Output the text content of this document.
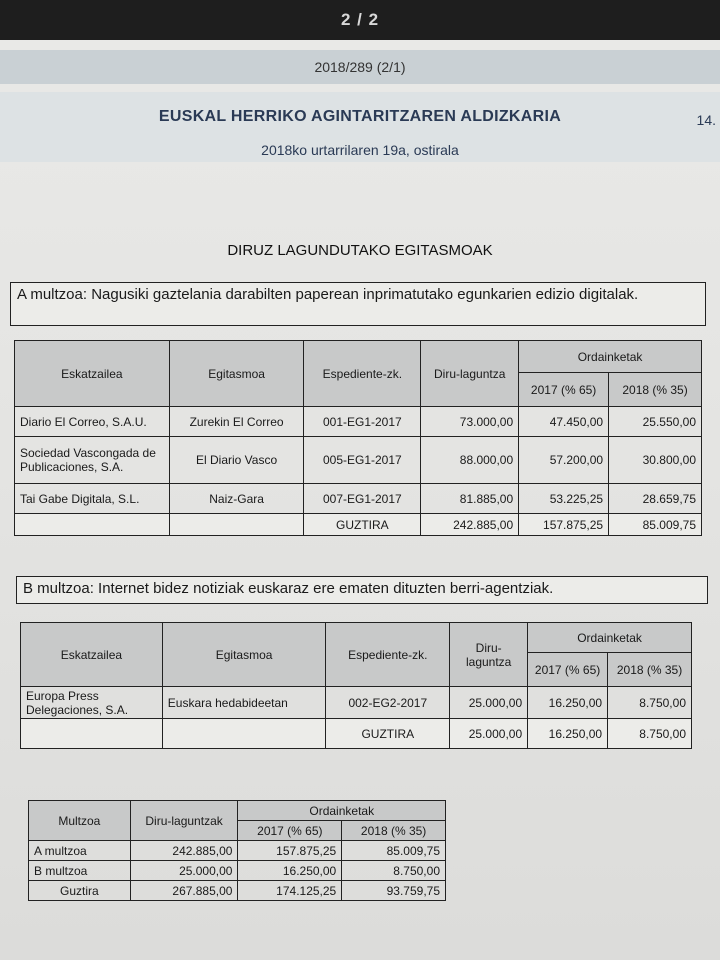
2 / 2
2018/289 (2/1)
EUSKAL HERRIKO AGINTARITZAREN ALDIZKARIA	14.
2018ko urtarrilaren 19a, ostirala
DIRUZ LAGUNDUTAKO EGITASMOAK
A multzoa: Nagusiki gaztelania darabilten paperean inprimatutako egunkarien edizio digitalak.
Eskatzailea	Egitasmoa	Espediente-zk.	Diru-laguntza	Ordainketak	
				2017 (% 65)	2018 (% 35)
Diario El Correo, S.A.U.	Zurekin El Correo	001-EG1-2017	73.000,00	47.450,00	25.550,00
Sociedad Vascongada de Publicaciones, S.A.	El Diario Vasco	005-EG1-2017	88.000,00	57.200,00	30.800,00
Tai Gabe Digitala, S.L.	Naiz-Gara	007-EG1-2017	81.885,00	53.225,25	28.659,75
		GUZTIRA	242.885,00	157.875,25	85.009,75
B multzoa: Internet bidez notiziak euskaraz ere ematen dituzten berri-agentziak.
Eskatzailea	Egitasmoa	Espediente-zk.	Diru-laguntza	Ordainketak	
				2017 (% 65)	2018 (% 35)
Europa Press Delegaciones, S.A.	Euskara hedabideetan	002-EG2-2017	25.000,00	16.250,00	8.750,00
		GUZTIRA	25.000,00	16.250,00	8.750,00
Multzoa	Diru-laguntzak	Ordainketak	
		2017 (% 65)	2018 (% 35)
A multzoa	242.885,00	157.875,25	85.009,75
B multzoa	25.000,00	16.250,00	8.750,00
Guztira	267.885,00	174.125,25	93.759,75
